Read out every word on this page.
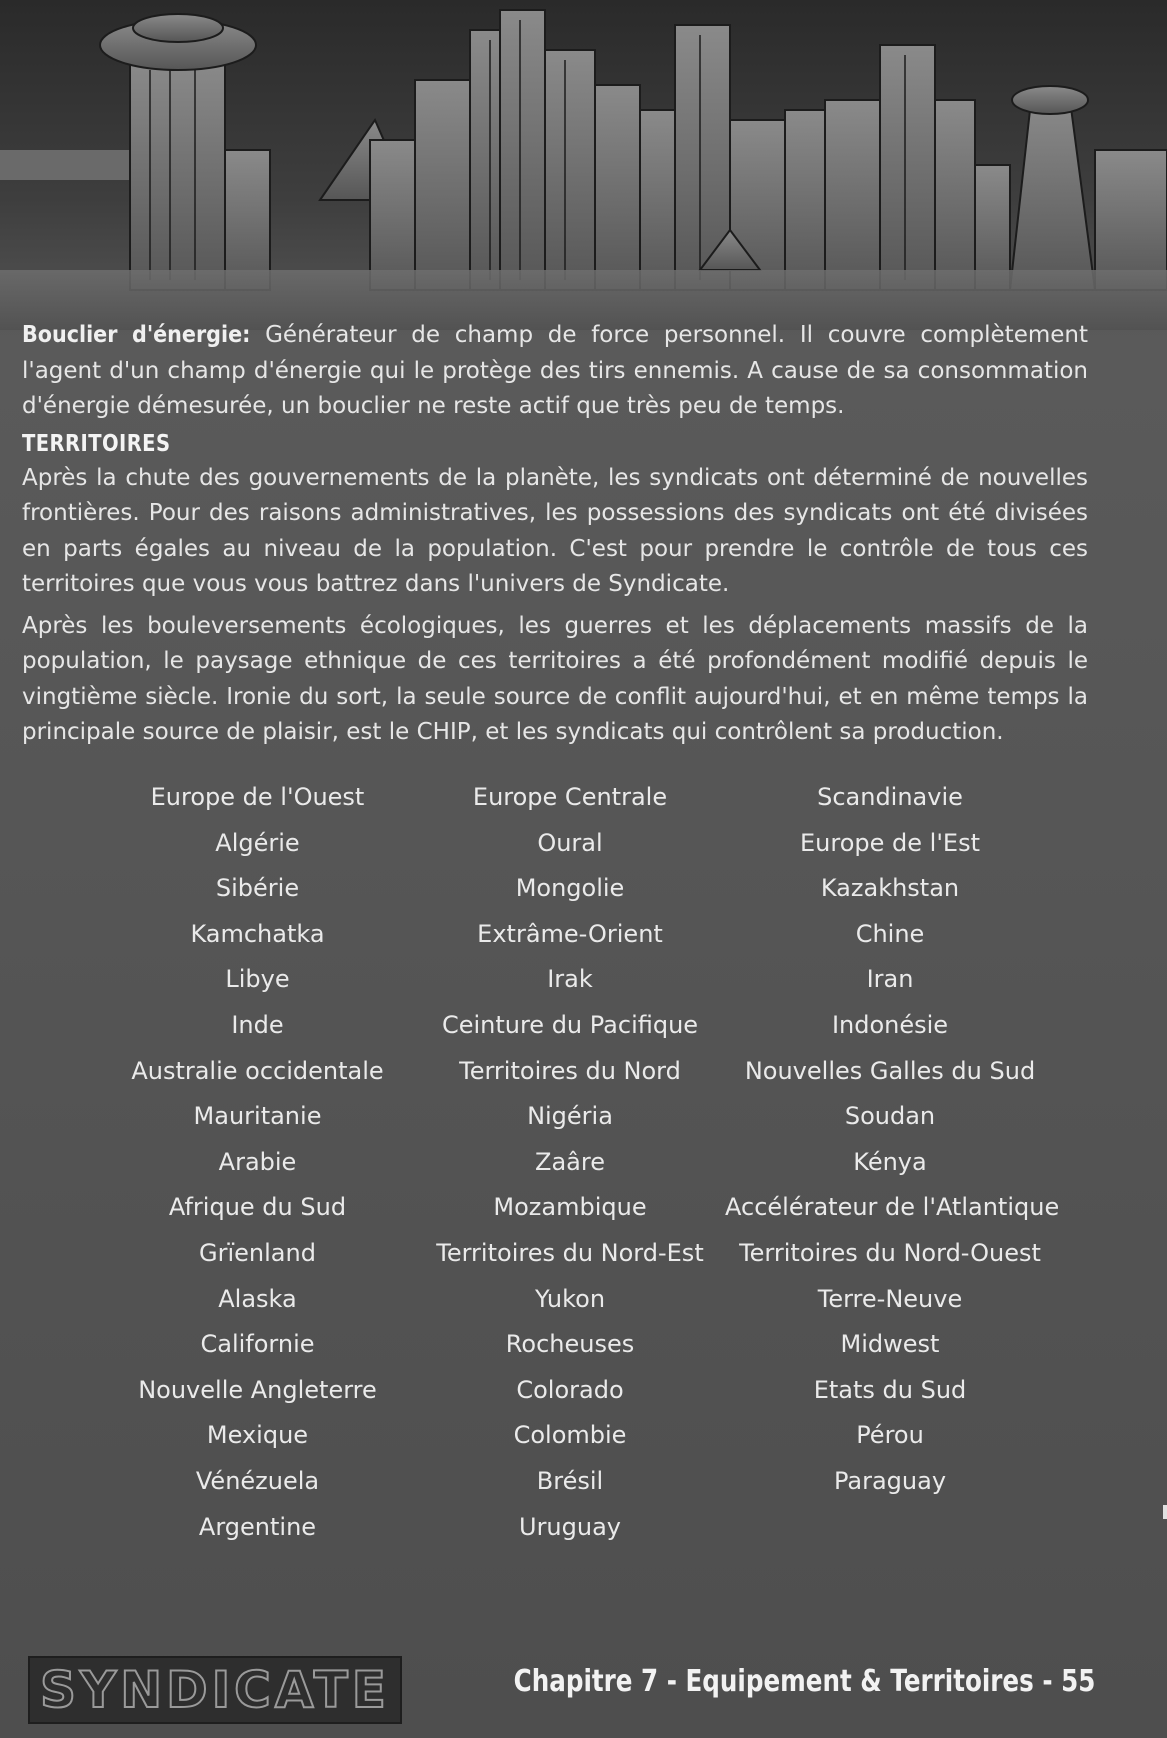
Bouclier d'énergie: Générateur de champ de force personnel. Il couvre complètement l'agent d'un champ d'énergie qui le protège des tirs ennemis. A cause de sa consommation d'énergie démesurée, un bouclier ne reste actif que très peu de temps.

TERRITOIRES

Après la chute des gouvernements de la planète, les syndicats ont déterminé de nouvelles frontières. Pour des raisons administratives, les possessions des syndicats ont été divisées en parts égales au niveau de la population. C'est pour prendre le contrôle de tous ces territoires que vous vous battrez dans l'univers de Syndicate.

Après les bouleversements écologiques, les guerres et les déplacements massifs de la population, le paysage ethnique de ces territoires a été profondément modifié depuis le vingtième siècle. Ironie du sort, la seule source de conflit aujourd'hui, et en même temps la principale source de plaisir, est le CHIP, et les syndicats qui contrôlent sa production.

Europe de l'Ouest	Europe Centrale	Scandinavie
Algérie	Oural	Europe de l'Est
Sibérie	Mongolie	Kazakhstan
Kamchatka	Extrâme-Orient	Chine
Libye	Irak	Iran
Inde	Ceinture du Pacifique	Indonésie
Australie occidentale	Territoires du Nord	Nouvelles Galles du Sud
Mauritanie	Nigéria	Soudan
Arabie	Zaâre	Kénya
Afrique du Sud	Mozambique	Accélérateur de l'Atlantique
Grïenland	Territoires du Nord-Est	Territoires du Nord-Ouest
Alaska	Yukon	Terre-Neuve
Californie	Rocheuses	Midwest
Nouvelle Angleterre	Colorado	Etats du Sud
Mexique	Colombie	Pérou
Vénézuela	Brésil	Paraguay
Argentine	Uruguay
SYNDICATE	Chapitre 7 - Equipement & Territoires - 55
